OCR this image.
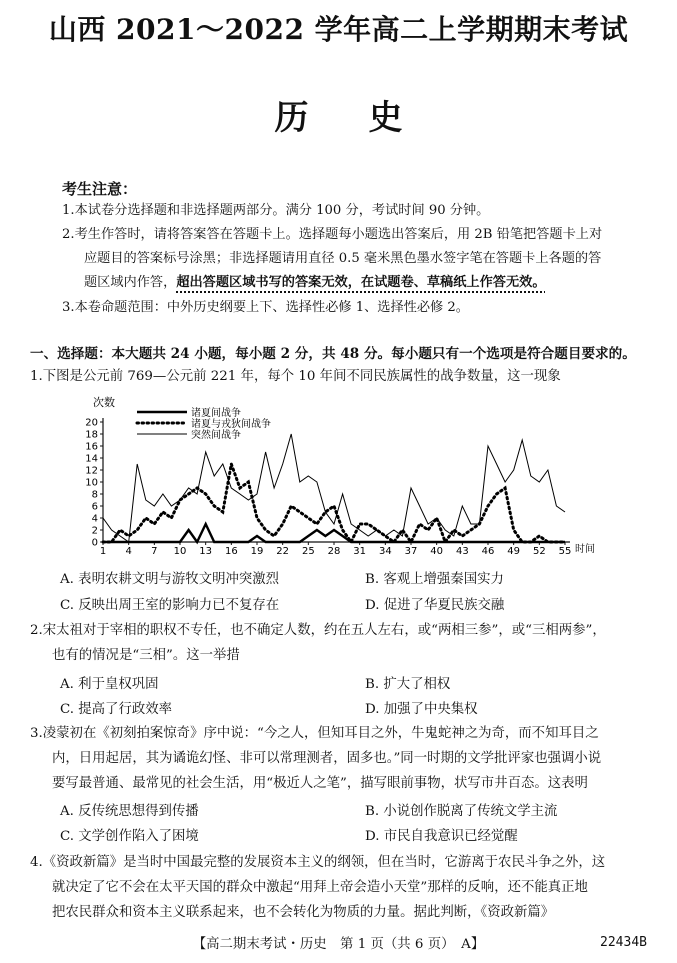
山西 2021～2022 学年高二上学期期末考试
历史
考生注意：
1.本试卷分选择题和非选择题两部分。满分 100 分，考试时间 90 分钟。
2.考生作答时，请将答案答在答题卡上。选择题每小题选出答案后，用 2B 铅笔把答题卡上对
应题目的答案标号涂黑；非选择题请用直径 0.5 毫米黑色墨水签字笔在答题卡上各题的答
题区域内作答，超出答题区域书写的答案无效，在试题卷、草稿纸上作答无效。
3.本卷命题范围：中外历史纲要上下、选择性必修 1、选择性必修 2。
一、选择题：本大题共 24 小题，每小题 2 分，共 48 分。每小题只有一个选项是符合题目要求的。
1.下图是公元前 769—公元前 221 年，每个 10 年间不同民族属性的战争数量，这一现象
次数
0
2
4
6
8
10
12
14
16
18
20
1 4 7 10 13 16 19 22 25 28 31 34 37 40 43 46 49 52 55
诸夏间战争
诸夏与戎狄间战争
突然间战争
时间
A. 表明农耕文明与游牧文明冲突激烈	B. 客观上增强秦国实力
C. 反映出周王室的影响力已不复存在	D. 促进了华夏民族交融
2.宋太祖对于宰相的职权不专任，也不确定人数，约在五人左右，或“两相三参”，或“三相两参”，
也有的情况是“三相”。这一举措
A. 利于皇权巩固	B. 扩大了相权
C. 提高了行政效率	D. 加强了中央集权
3.凌蒙初在《初刻拍案惊奇》序中说：“今之人，但知耳目之外，牛鬼蛇神之为奇，而不知耳目之
内，日用起居，其为谲诡幻怪、非可以常理测者，固多也。”同一时期的文学批评家也强调小说
要写最普通、最常见的社会生活，用“极近人之笔”，描写眼前事物，状写市井百态。这表明
A. 反传统思想得到传播	B. 小说创作脱离了传统文学主流
C. 文学创作陷入了困境	D. 市民自我意识已经觉醒
4.《资政新篇》是当时中国最完整的发展资本主义的纲领，但在当时，它游离于农民斗争之外，这
就决定了它不会在太平天国的群众中激起“用拜上帝会造小天堂”那样的反响，还不能真正地
把农民群众和资本主义联系起来，也不会转化为物质的力量。据此判断，《资政新篇》
【高二期末考试・历史　第 1 页（共 6 页）　A】	22434B
